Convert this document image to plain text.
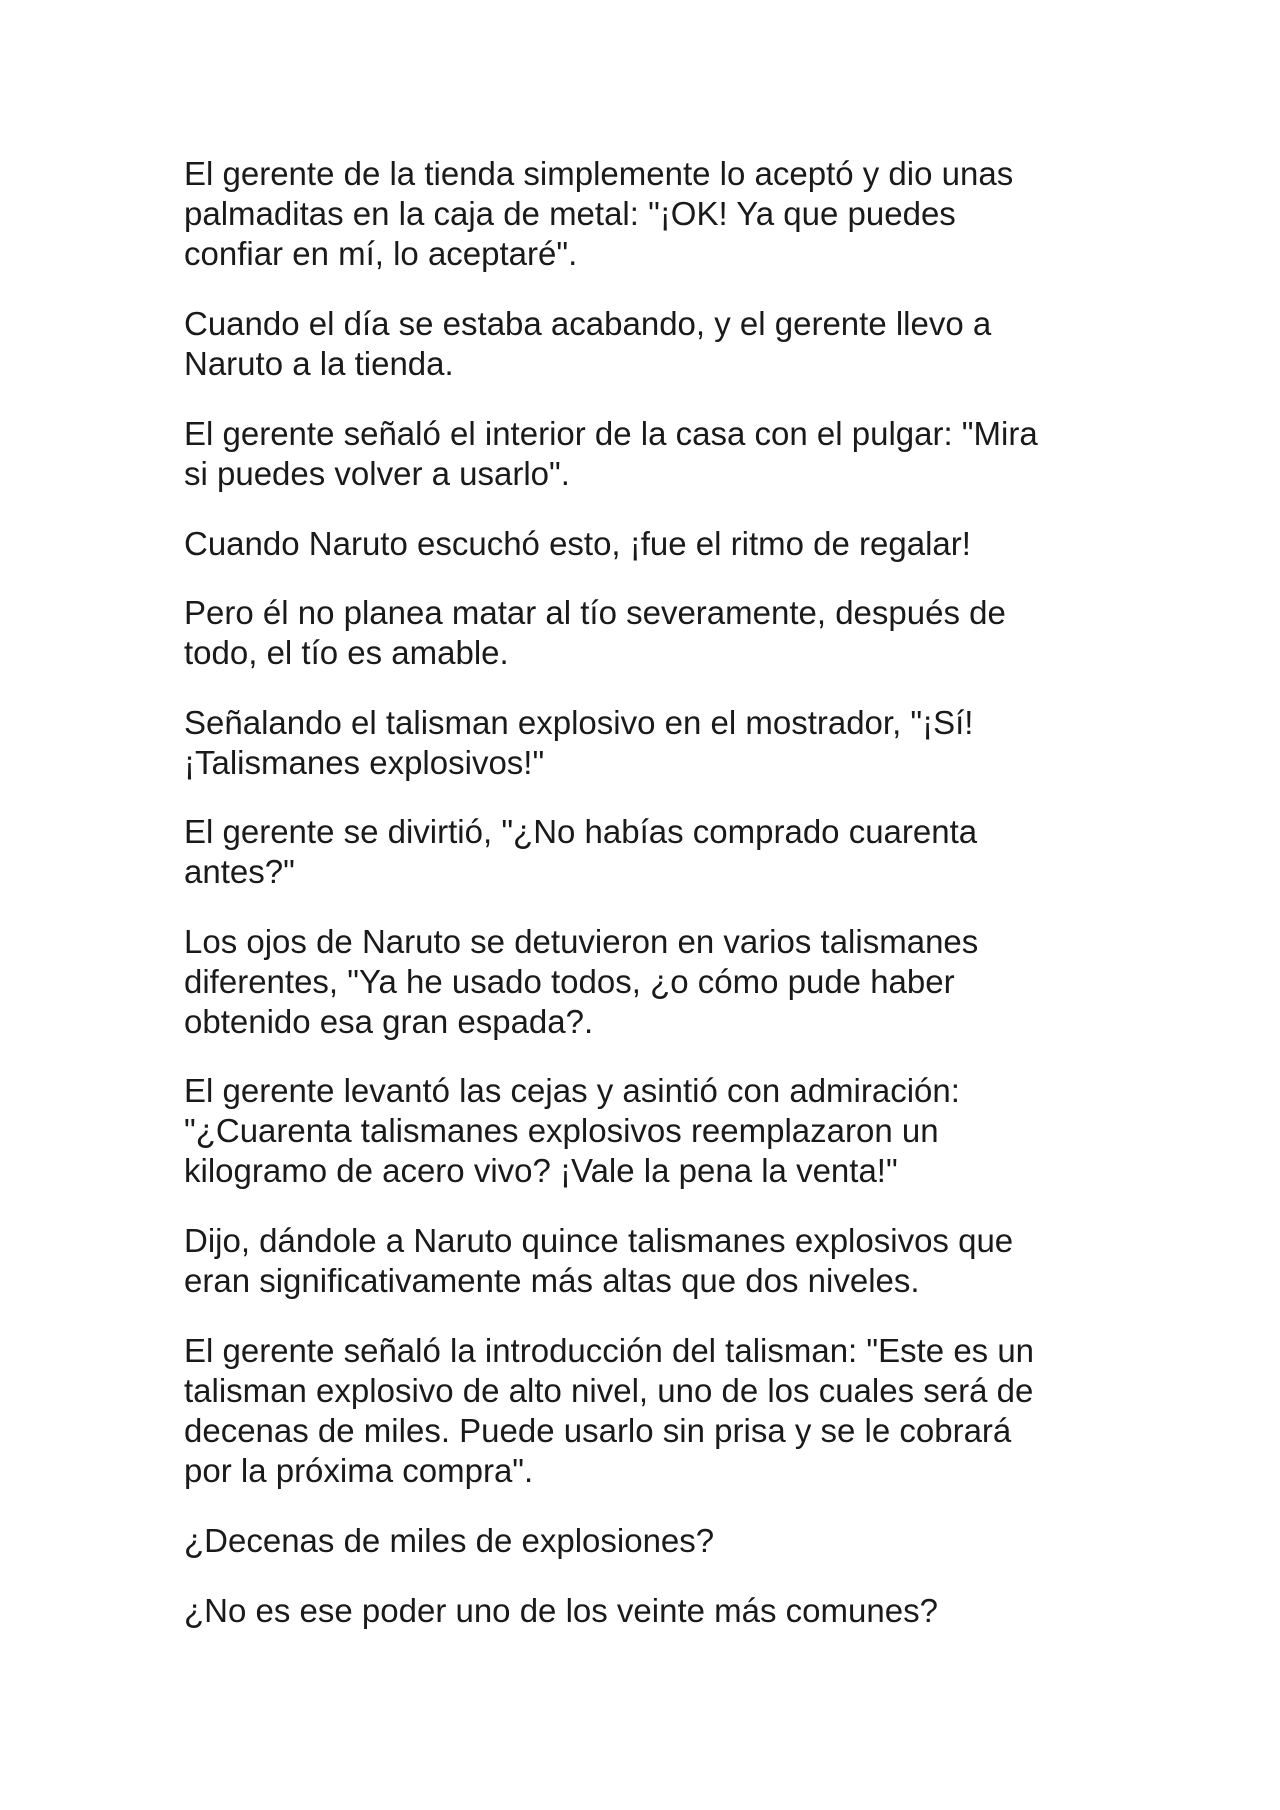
El gerente de la tienda simplemente lo aceptó y dio unas
palmaditas en la caja de metal: "¡OK! Ya que puedes
confiar en mí, lo aceptaré".

Cuando el día se estaba acabando, y el gerente llevo a
Naruto a la tienda.

El gerente señaló el interior de la casa con el pulgar: "Mira
si puedes volver a usarlo".

Cuando Naruto escuchó esto, ¡fue el ritmo de regalar!

Pero él no planea matar al tío severamente, después de
todo, el tío es amable.

Señalando el talisman explosivo en el mostrador, "¡Sí!
¡Talismanes explosivos!"

El gerente se divirtió, "¿No habías comprado cuarenta
antes?"

Los ojos de Naruto se detuvieron en varios talismanes
diferentes, "Ya he usado todos, ¿o cómo pude haber
obtenido esa gran espada?.

El gerente levantó las cejas y asintió con admiración:
"¿Cuarenta talismanes explosivos reemplazaron un
kilogramo de acero vivo? ¡Vale la pena la venta!"

Dijo, dándole a Naruto quince talismanes explosivos que
eran significativamente más altas que dos niveles.

El gerente señaló la introducción del talisman: "Este es un
talisman explosivo de alto nivel, uno de los cuales será de
decenas de miles. Puede usarlo sin prisa y se le cobrará
por la próxima compra".

¿Decenas de miles de explosiones?

¿No es ese poder uno de los veinte más comunes?
